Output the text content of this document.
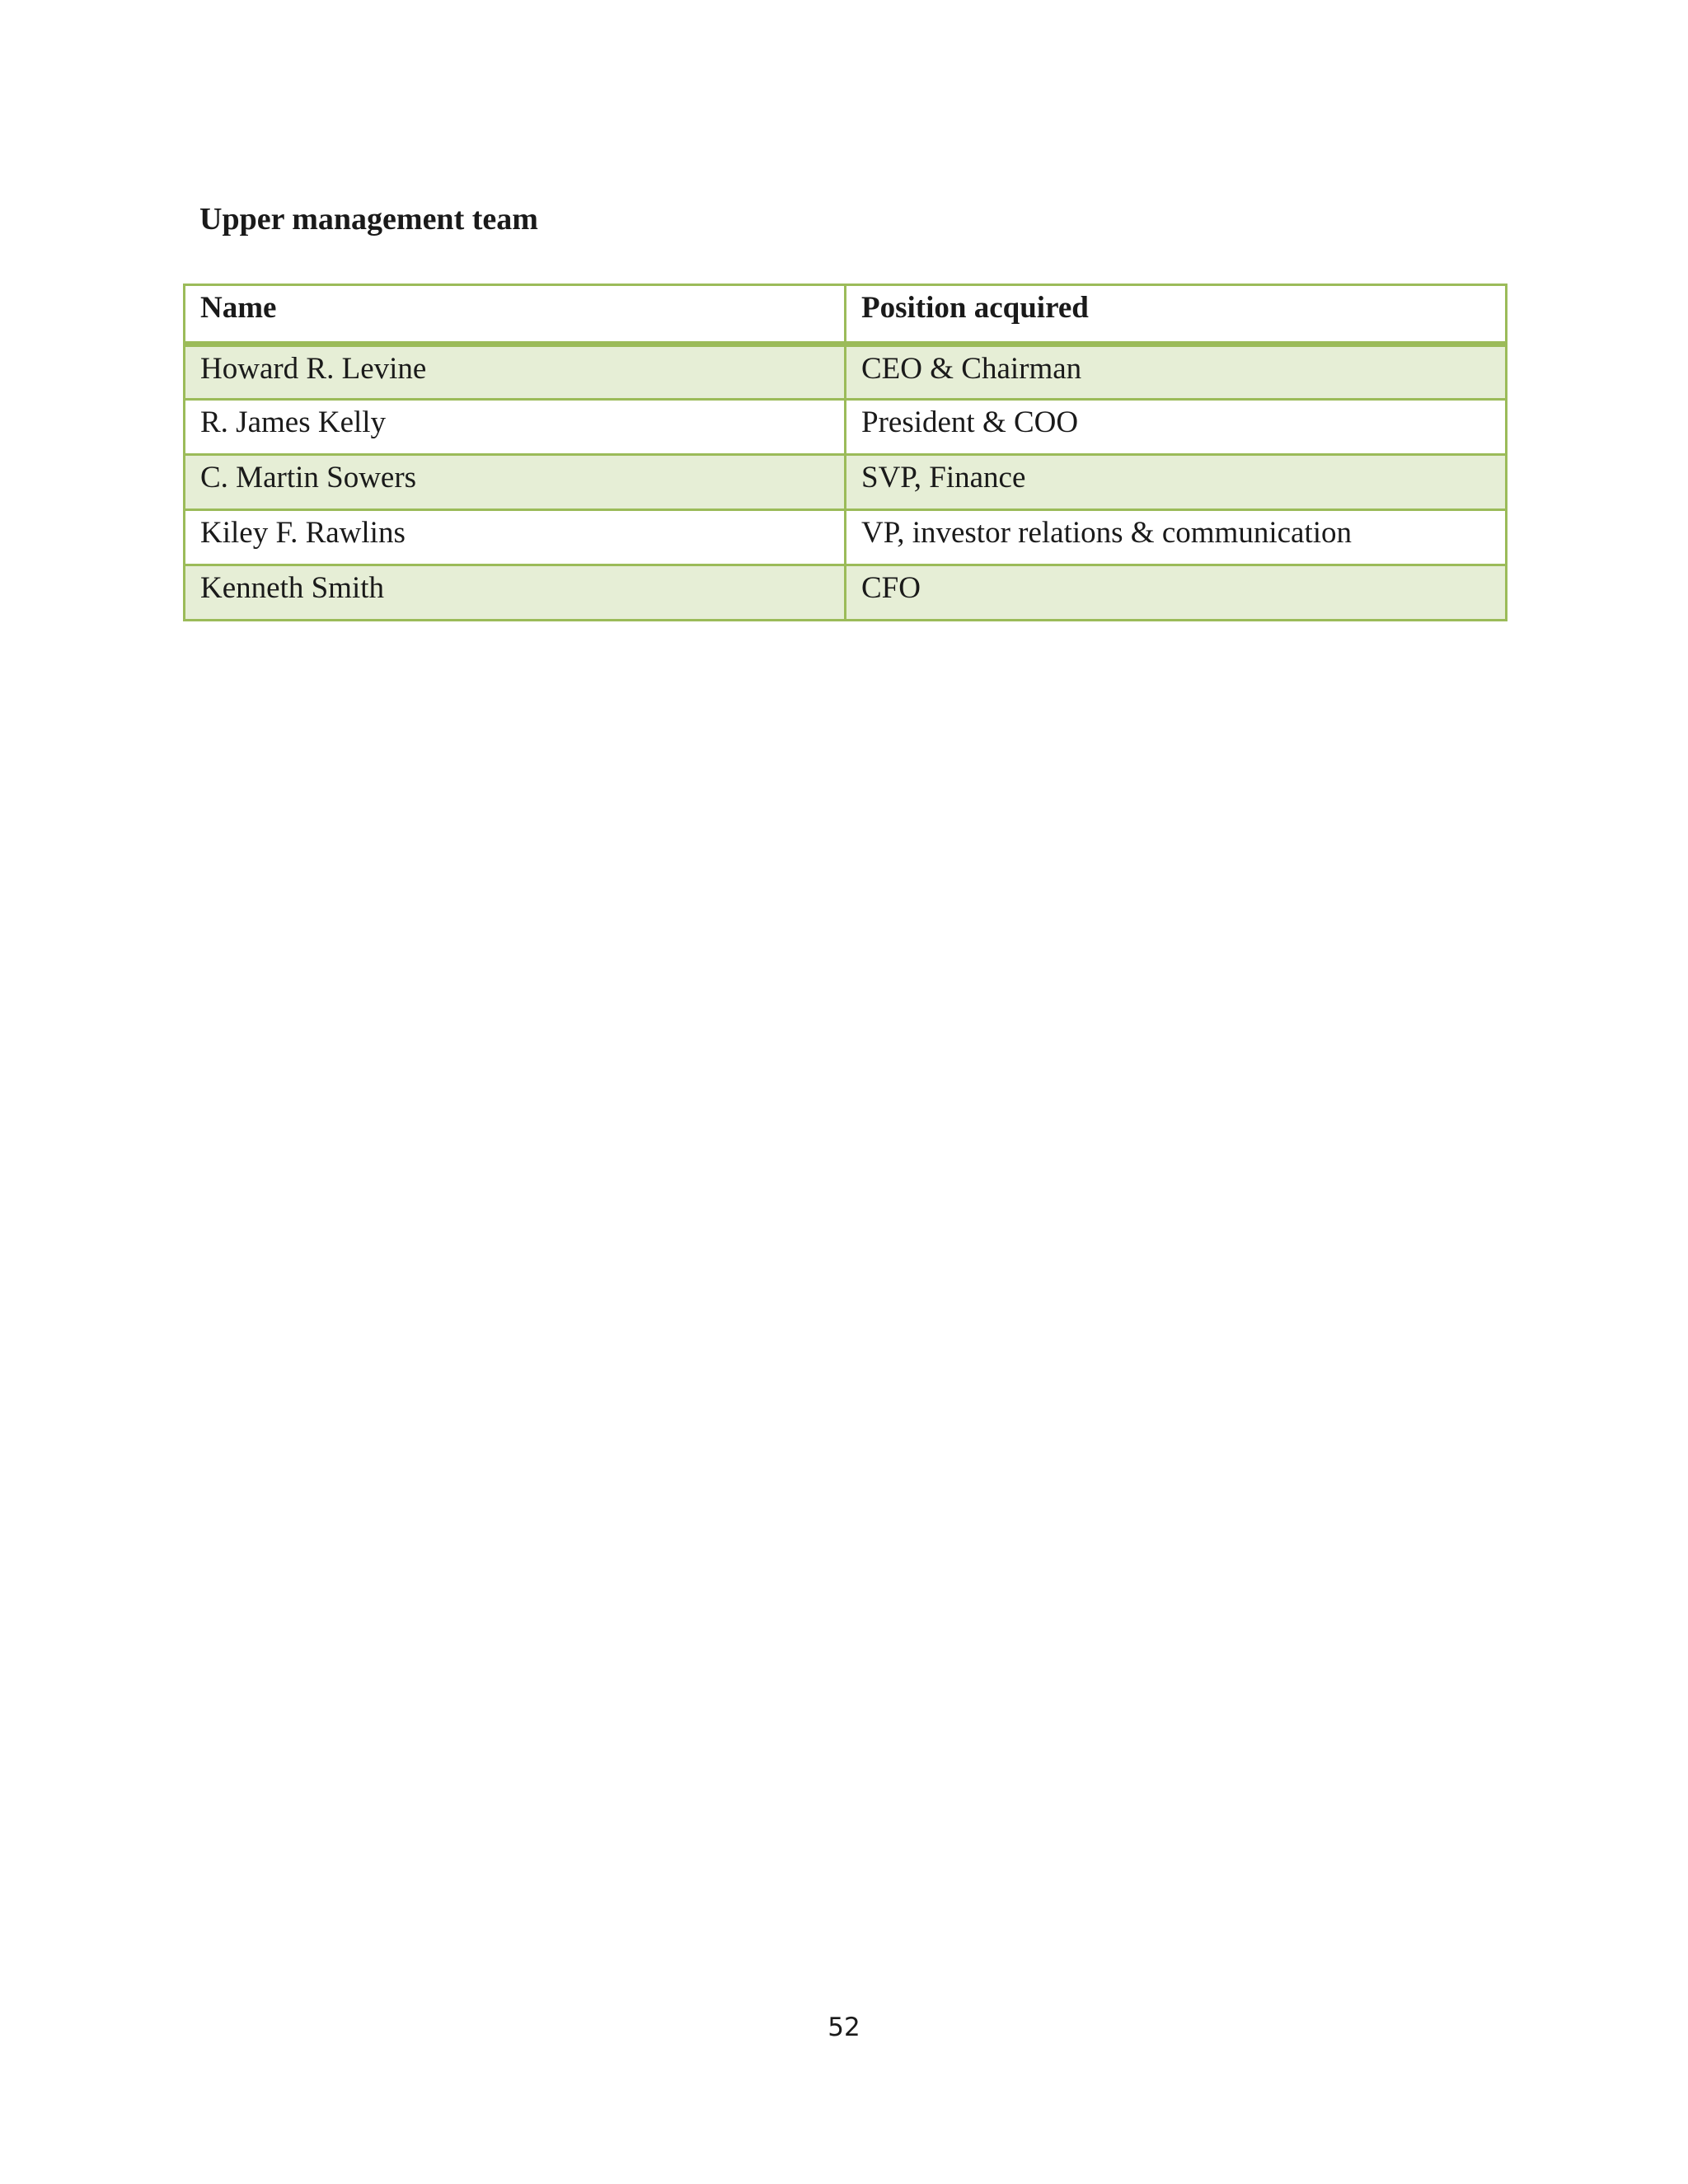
Upper management team
Name	Position acquired
Howard R. Levine	CEO & Chairman
R. James Kelly	President & COO
C. Martin Sowers	SVP, Finance
Kiley F. Rawlins	VP, investor relations & communication
Kenneth Smith	CFO
52
